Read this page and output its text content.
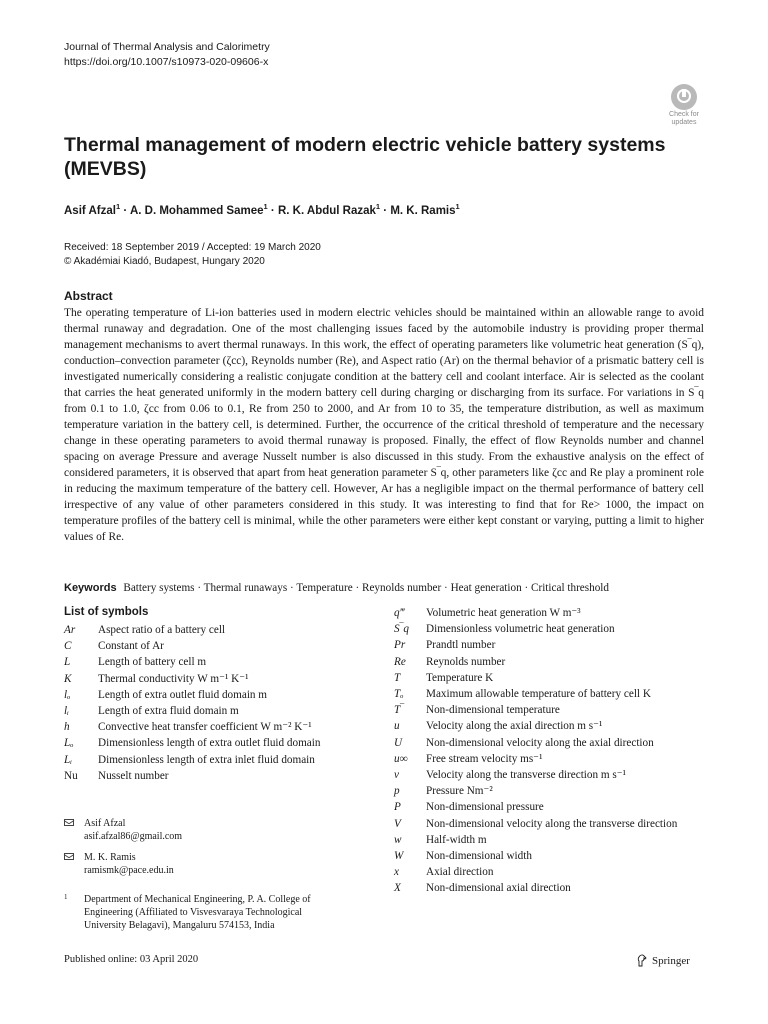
Journal of Thermal Analysis and Calorimetry
https://doi.org/10.1007/s10973-020-09606-x
Check for
updates
Thermal management of modern electric vehicle battery systems (MEVBS)
Asif Afzal$^1$ · A. D. Mohammed Samee$^1$ · R. K. Abdul Razak$^1$ · M. K. Ramis$^1$
Received: 18 September 2019 / Accepted: 19 March 2020
© Akadémiai Kiadó, Budapest, Hungary 2020
Abstract
The operating temperature of Li-ion batteries used in modern electric vehicles should be maintained within an allowable range to avoid thermal runaway and degradation. One of the most challenging issues faced by the automobile industry is providing proper thermal management mechanisms to avert thermal runaways. In this work, the effect of operating parameters like volumetric heat generation (S‾q), conduction–convection parameter (ζcc), Reynolds number (Re), and Aspect ratio (Ar) on the thermal behavior of a prismatic battery cell is investigated numerically considering a realistic conjugate condition at the battery cell and coolant interface. Air is selected as the coolant that carries the heat generated uniformly in the modern battery cell during charging or discharging from its surface. For variations in S‾q from 0.1 to 1.0, ζcc from 0.06 to 0.1, Re from 250 to 2000, and Ar from 10 to 35, the temperature distribution, as well as maximum temperature variation in the battery cell, is determined. Further, the occurrence of the critical threshold of temperature and the necessary change in these operating parameters to avoid thermal runaway is proposed. Finally, the effect of flow Reynolds number and channel spacing on average Pressure and average Nusselt number is also discussed in this study. From the exhaustive analysis on the effect of considered parameters, it is observed that apart from heat generation parameter S‾q, other parameters like ζcc and Re play a prominent role in reducing the maximum temperature of the battery cell. However, Ar has a negligible impact on the thermal performance of battery cell irrespective of any value of other parameters considered in this study. It was interesting to find that for Re> 1000, the impact on temperature profiles of the battery cell is minimal, while the other parameters were either kept constant or varying, putting a limit to higher values of Re.
Keywords Battery systems · Thermal runaways · Temperature · Reynolds number · Heat generation · Critical threshold
List of symbols
Ar	Aspect ratio of a battery cell
C	Constant of Ar
L	Length of battery cell m
K	Thermal conductivity W m⁻¹ K⁻¹
lₒ	Length of extra outlet fluid domain m
lᵢ	Length of extra fluid domain m
h	Convective heat transfer coefficient W m⁻² K⁻¹
Lₒ	Dimensionless length of extra outlet fluid domain
Lᵢ	Dimensionless length of extra inlet fluid domain
Nu	Nusselt number
q‴	Volumetric heat generation W m⁻³
S‾q	Dimensionless volumetric heat generation
Pr	Prandtl number
Re	Reynolds number
T	Temperature K
Tₒ	Maximum allowable temperature of battery cell K
T‾	Non-dimensional temperature
u	Velocity along the axial direction m s⁻¹
U	Non-dimensional velocity along the axial direction
u∞	Free stream velocity ms⁻¹
v	Velocity along the transverse direction m s⁻¹
p	Pressure Nm⁻²
P	Non-dimensional pressure
V	Non-dimensional velocity along the transverse direction
w	Half-width m
W	Non-dimensional width
x	Axial direction
X	Non-dimensional axial direction
Asif Afzal
asif.afzal86@gmail.com
M. K. Ramis
ramismk@pace.edu.in
1 Department of Mechanical Engineering, P. A. College of Engineering (Affiliated to Visvesvaraya Technological University Belagavi), Mangaluru 574153, India
Published online: 03 April 2020	Springer
